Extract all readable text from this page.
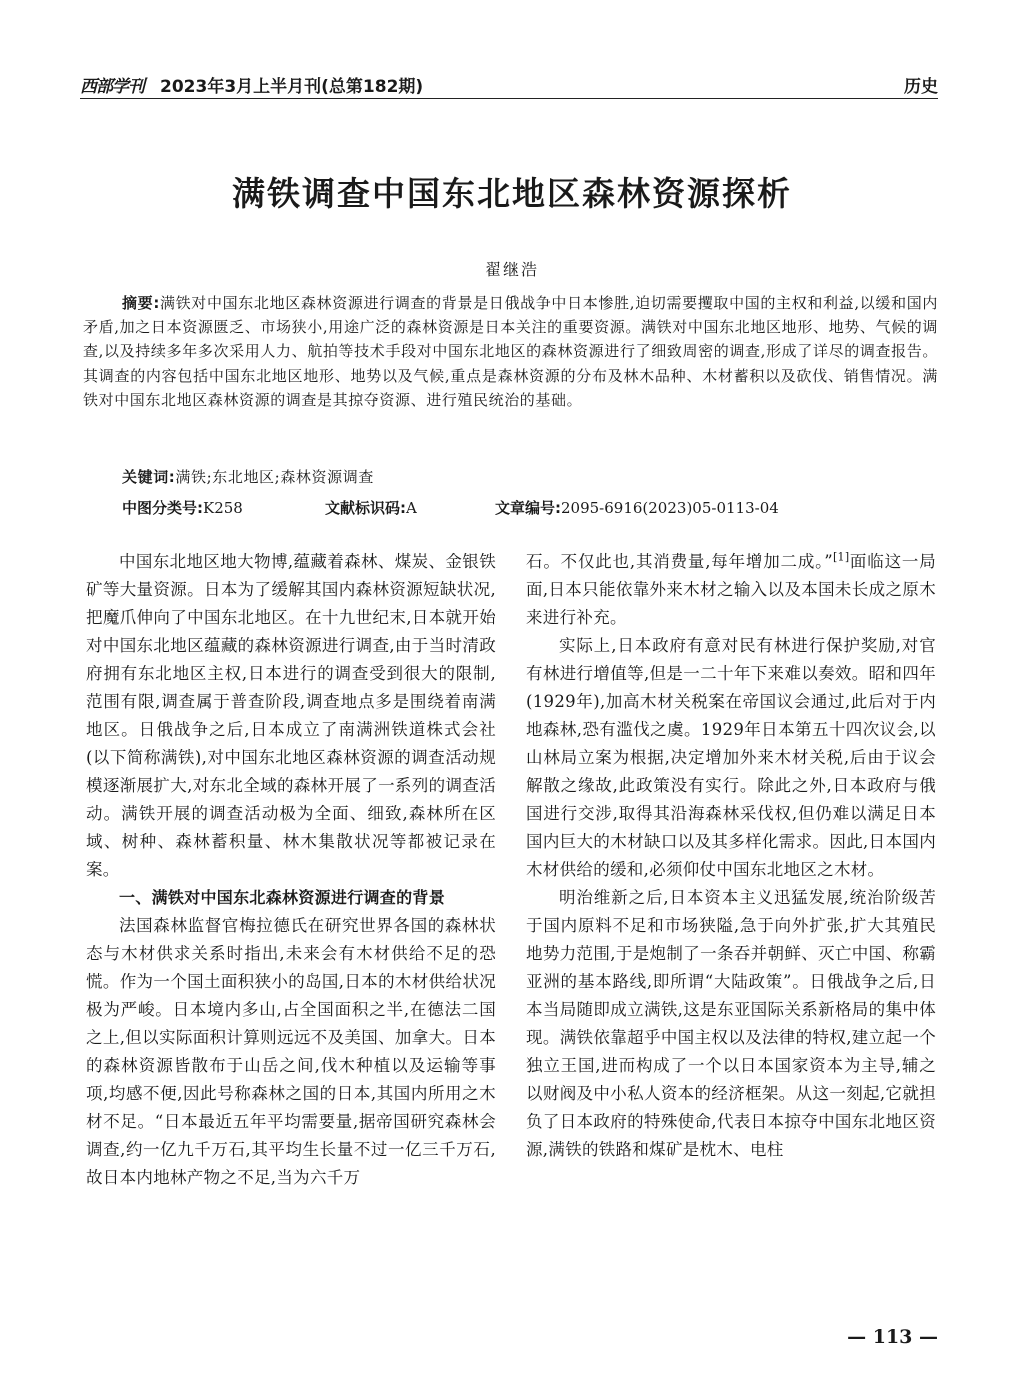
西部学刊 2023年3月上半月刊(总第182期)	历史
满铁调查中国东北地区森林资源探析
翟继浩
摘要:满铁对中国东北地区森林资源进行调查的背景是日俄战争中日本惨胜,迫切需要攫取中国的主权和利益,以缓和国内矛盾,加之日本资源匮乏、市场狭小,用途广泛的森林资源是日本关注的重要资源。满铁对中国东北地区地形、地势、气候的调查,以及持续多年多次采用人力、航拍等技术手段对中国东北地区的森林资源进行了细致周密的调查,形成了详尽的调查报告。其调查的内容包括中国东北地区地形、地势以及气候,重点是森林资源的分布及林木品种、木材蓄积以及砍伐、销售情况。满铁对中国东北地区森林资源的调查是其掠夺资源、进行殖民统治的基础。
关键词:满铁;东北地区;森林资源调查
中图分类号:K258	文献标识码:A	文章编号:2095-6916(2023)05-0113-04

中国东北地区地大物博,蕴藏着森林、煤炭、金银铁矿等大量资源。日本为了缓解其国内森林资源短缺状况,把魔爪伸向了中国东北地区。在十九世纪末,日本就开始对中国东北地区蕴藏的森林资源进行调查,由于当时清政府拥有东北地区主权,日本进行的调查受到很大的限制,范围有限,调查属于普查阶段,调查地点多是围绕着南满地区。日俄战争之后,日本成立了南满洲铁道株式会社(以下简称满铁),对中国东北地区森林资源的调查活动规模逐渐展扩大,对东北全域的森林开展了一系列的调查活动。满铁开展的调查活动极为全面、细致,森林所在区域、树种、森林蓄积量、林木集散状况等都被记录在案。

一、满铁对中国东北森林资源进行调查的背景

法国森林监督官梅拉德氏在研究世界各国的森林状态与木材供求关系时指出,未来会有木材供给不足的恐慌。作为一个国土面积狭小的岛国,日本的木材供给状况极为严峻。日本境内多山,占全国面积之半,在德法二国之上,但以实际面积计算则远远不及美国、加拿大。日本的森林资源皆散布于山岳之间,伐木种植以及运输等事项,均感不便,因此号称森林之国的日本,其国内所用之木材不足。“日本最近五年平均需要量,据帝国研究森林会调查,约一亿九千万石,其平均生长量不过一亿三千万石,故日本内地林产物之不足,当为六千万

石。不仅此也,其消费量,每年增加二成。”[1]面临这一局面,日本只能依靠外来木材之输入以及本国未长成之原木来进行补充。

实际上,日本政府有意对民有林进行保护奖励,对官有林进行增值等,但是一二十年下来难以奏效。昭和四年(1929年),加高木材关税案在帝国议会通过,此后对于内地森林,恐有滥伐之虞。1929年日本第五十四次议会,以山林局立案为根据,决定增加外来木材关税,后由于议会解散之缘故,此政策没有实行。除此之外,日本政府与俄国进行交涉,取得其沿海森林采伐权,但仍难以满足日本国内巨大的木材缺口以及其多样化需求。因此,日本国内木材供给的缓和,必须仰仗中国东北地区之木材。

明治维新之后,日本资本主义迅猛发展,统治阶级苦于国内原料不足和市场狭隘,急于向外扩张,扩大其殖民地势力范围,于是炮制了一条吞并朝鲜、灭亡中国、称霸亚洲的基本路线,即所谓“大陆政策”。日俄战争之后,日本当局随即成立满铁,这是东亚国际关系新格局的集中体现。满铁依靠超乎中国主权以及法律的特权,建立起一个独立王国,进而构成了一个以日本国家资本为主导,辅之以财阀及中小私人资本的经济框架。从这一刻起,它就担负了日本政府的特殊使命,代表日本掠夺中国东北地区资源,满铁的铁路和煤矿是枕木、电柱

— 113 —
